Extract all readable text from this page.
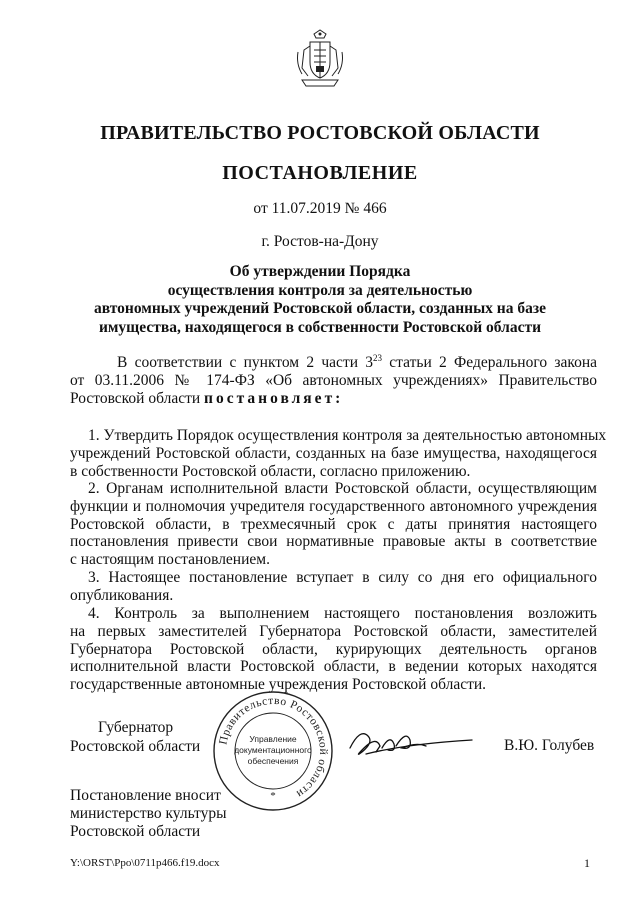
ПРАВИТЕЛЬСТВО РОСТОВСКОЙ ОБЛАСТИ
ПОСТАНОВЛЕНИЕ
от 11.07.2019 № 466
г. Ростов-на-Дону
Об утверждении Порядка
осуществления контроля за деятельностью
автономных учреждений Ростовской области, созданных на базе
имущества, находящегося в собственности Ростовской области
В соответствии с пунктом 2 части $3^{23}$ статьи 2 Федерального закона
от 03.11.2006 № 174-ФЗ «Об автономных учреждениях» Правительство
Ростовской области постановляет:
1. Утвердить Порядок осуществления контроля за деятельностью автономных
учреждений Ростовской области, созданных на базе имущества, находящегося
в собственности Ростовской области, согласно приложению.
2. Органам исполнительной власти Ростовской области, осуществляющим
функции и полномочия учредителя государственного автономного учреждения
Ростовской области, в трехмесячный срок с даты принятия настоящего
постановления привести свои нормативные правовые акты в соответствие
с настоящим постановлением.
3. Настоящее постановление вступает в силу со дня его официального
опубликования.
4. Контроль за выполнением настоящего постановления возложить
на первых заместителей Губернатора Ростовской области, заместителей
Губернатора Ростовской области, курирующих деятельность органов
исполнительной власти Ростовской области, в ведении которых находятся
государственные автономные учреждения Ростовской области.
Губернатор
Ростовской области Правительство Ростовской области
Управление
документационного
обеспечения
*
В.Ю. Голубев
Постановление вносит
министерство культуры
Ростовской области
Y:\ORST\Ppo\0711p466.f19.docx	1
